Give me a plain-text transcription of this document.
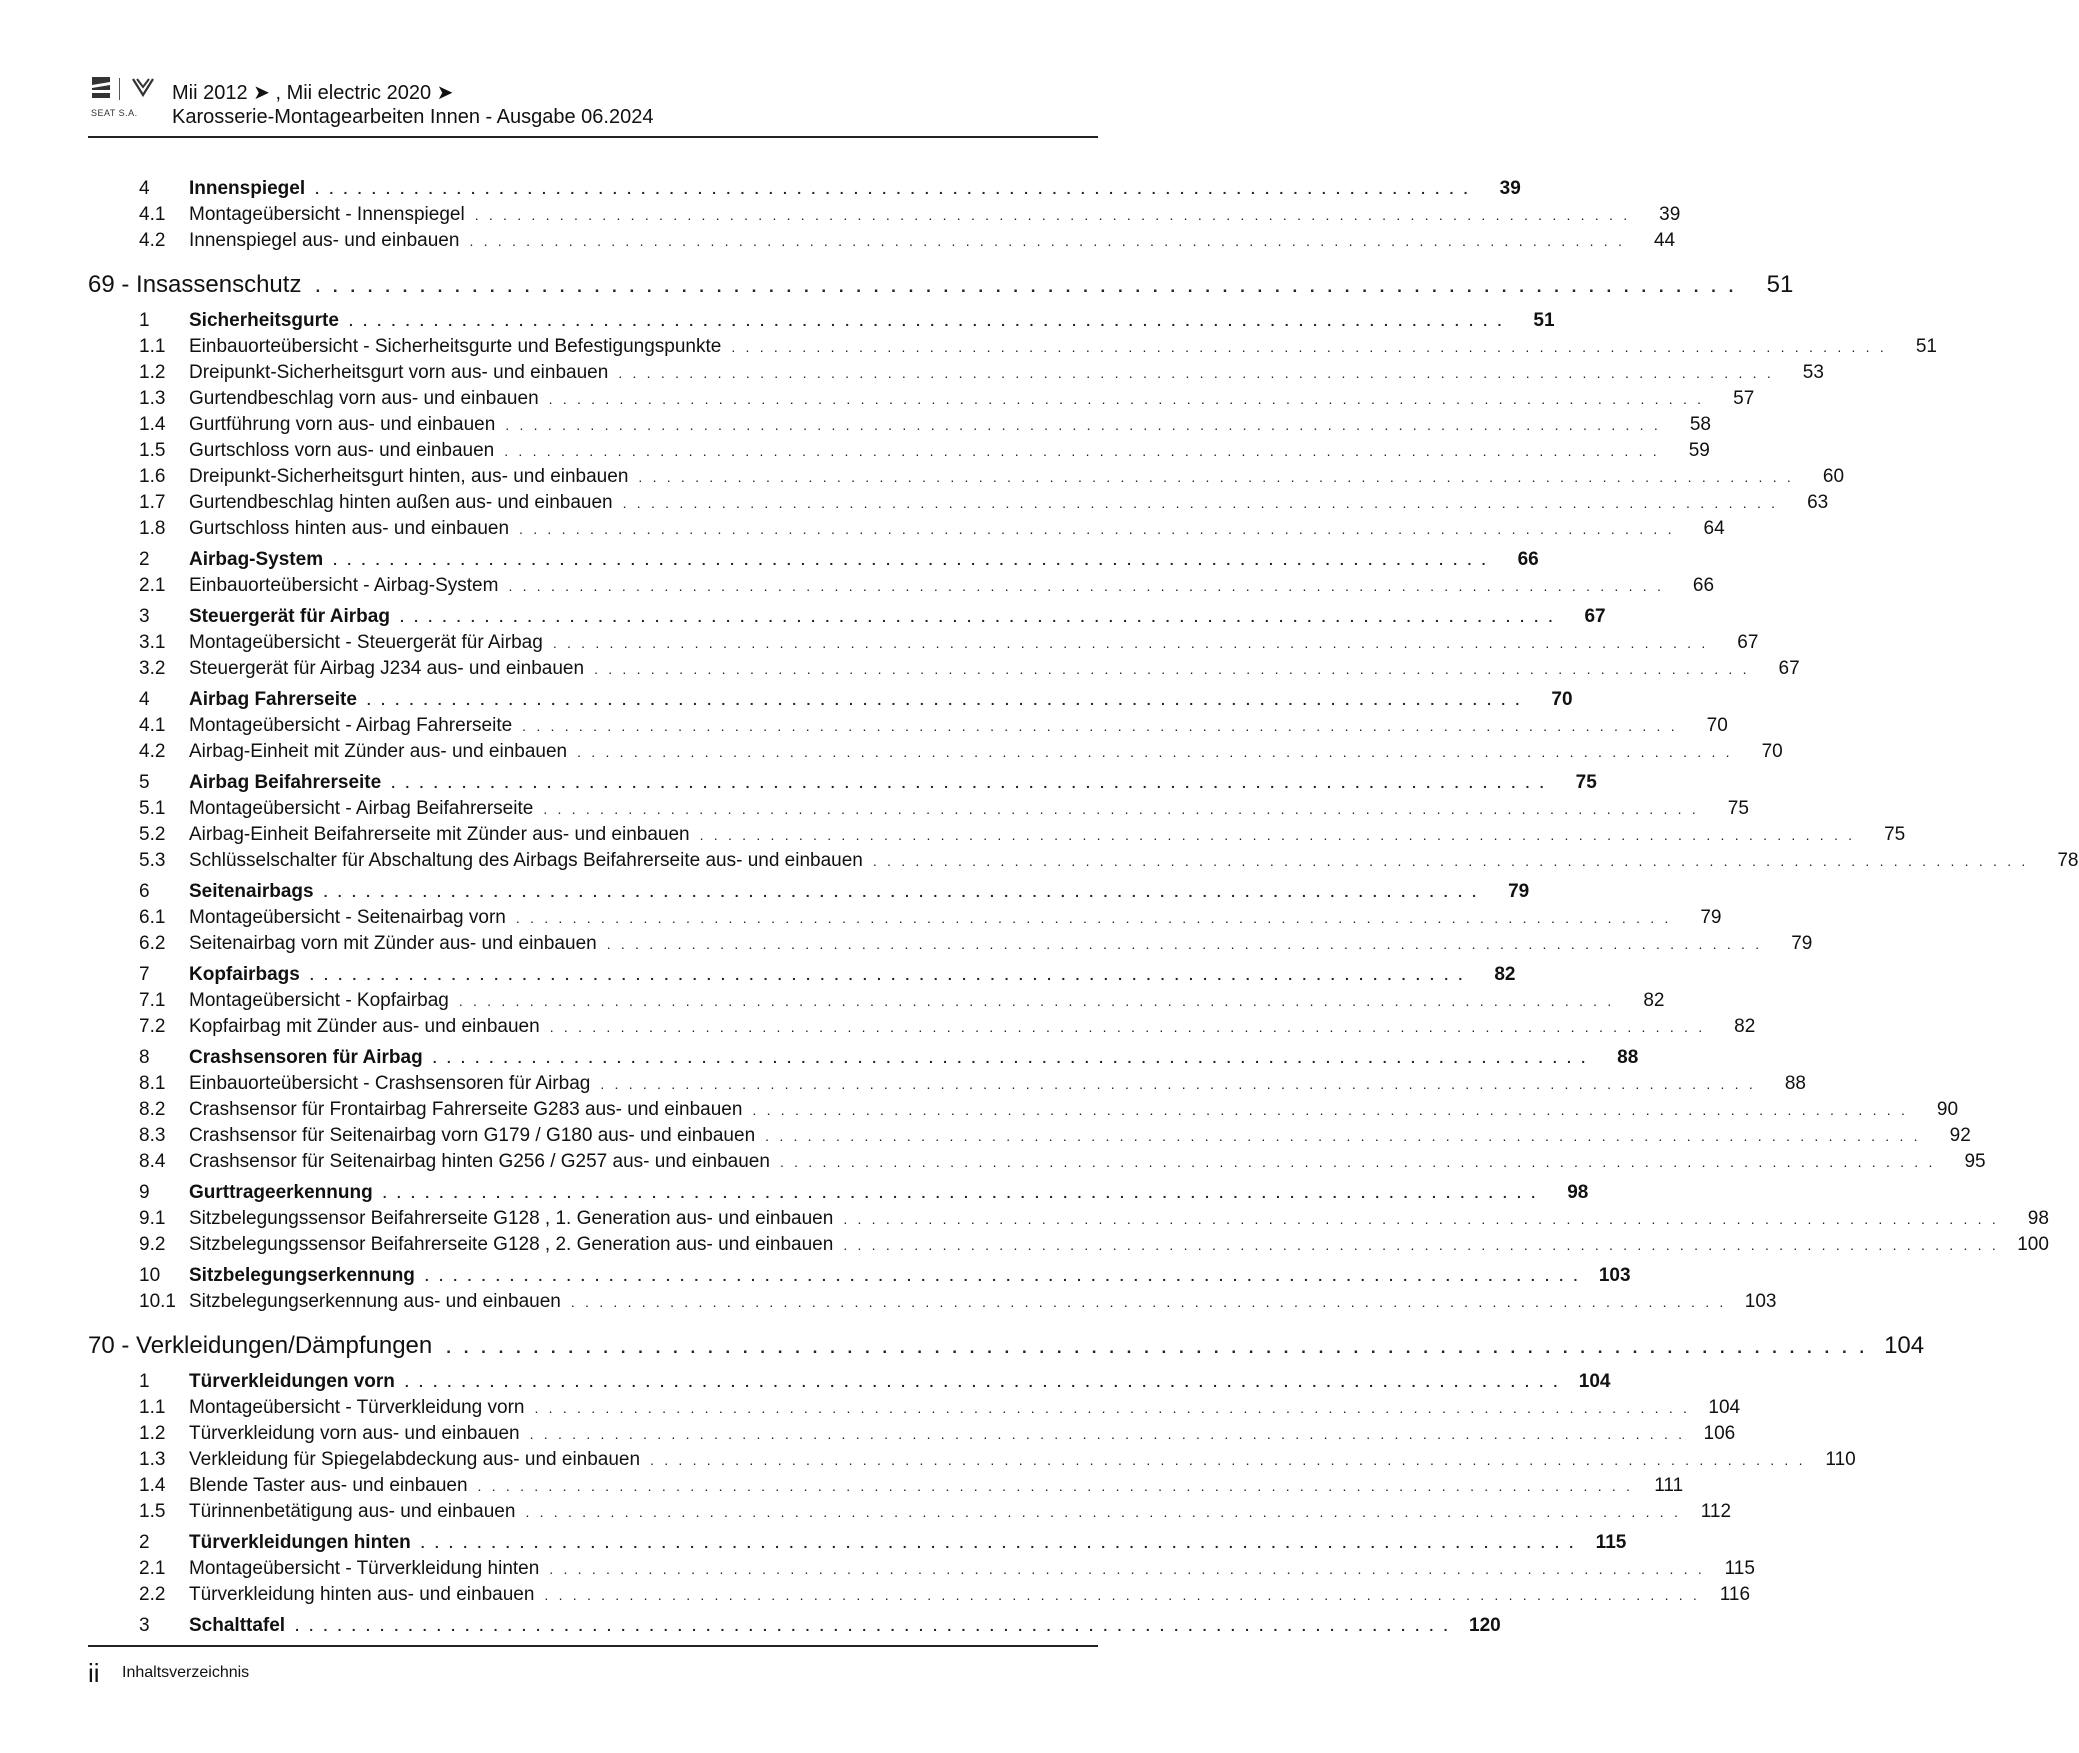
SEAT S.A.
Mii 2012 ➤ , Mii electric 2020 ➤
Karosserie-Montagearbeiten Innen - Ausgabe 06.2024
4	Innenspiegel . . . . . . . . . . . . . . . . . . . . . . . . . . . . . . . . . . . . . . . . . . . . . . . . . . . . . . . . . . . . . . . . . . . . . . . . . . . . . . . . . .	39
4.1	Montageübersicht - Innenspiegel . . . . . . . . . . . . . . . . . . . . . . . . . . . . . . . . . . . . . . . . . . . . . . . . . . . . . . . . . . . . . . . . . . . . . . . . . . . . . . . . . .	39
4.2	Innenspiegel aus- und einbauen . . . . . . . . . . . . . . . . . . . . . . . . . . . . . . . . . . . . . . . . . . . . . . . . . . . . . . . . . . . . . . . . . . . . . . . . . . . . . . . . . .	44
69 - Insassenschutz . . . . . . . . . . . . . . . . . . . . . . . . . . . . . . . . . . . . . . . . . . . . . . . . . . . . . . . . . . . . . . . . . . . . . . . . . . . . . . . . . .	51
1	Sicherheitsgurte . . . . . . . . . . . . . . . . . . . . . . . . . . . . . . . . . . . . . . . . . . . . . . . . . . . . . . . . . . . . . . . . . . . . . . . . . . . . . . . . . .	51
1.1	Einbauorteübersicht - Sicherheitsgurte und Befestigungspunkte . . . . . . . . . . . . . . . . . . . . . . . . . . . . . . . . . . . . . . . . . . . . . . . . . . . . . . . . . . . . . . . . . . . . . . . . . . . . . . . . . .	51
1.2	Dreipunkt-Sicherheitsgurt vorn aus- und einbauen . . . . . . . . . . . . . . . . . . . . . . . . . . . . . . . . . . . . . . . . . . . . . . . . . . . . . . . . . . . . . . . . . . . . . . . . . . . . . . . . . .	53
1.3	Gurtendbeschlag vorn aus- und einbauen . . . . . . . . . . . . . . . . . . . . . . . . . . . . . . . . . . . . . . . . . . . . . . . . . . . . . . . . . . . . . . . . . . . . . . . . . . . . . . . . . .	57
1.4	Gurtführung vorn aus- und einbauen . . . . . . . . . . . . . . . . . . . . . . . . . . . . . . . . . . . . . . . . . . . . . . . . . . . . . . . . . . . . . . . . . . . . . . . . . . . . . . . . . .	58
1.5	Gurtschloss vorn aus- und einbauen . . . . . . . . . . . . . . . . . . . . . . . . . . . . . . . . . . . . . . . . . . . . . . . . . . . . . . . . . . . . . . . . . . . . . . . . . . . . . . . . . .	59
1.6	Dreipunkt-Sicherheitsgurt hinten, aus- und einbauen . . . . . . . . . . . . . . . . . . . . . . . . . . . . . . . . . . . . . . . . . . . . . . . . . . . . . . . . . . . . . . . . . . . . . . . . . . . . . . . . . .	60
1.7	Gurtendbeschlag hinten außen aus- und einbauen . . . . . . . . . . . . . . . . . . . . . . . . . . . . . . . . . . . . . . . . . . . . . . . . . . . . . . . . . . . . . . . . . . . . . . . . . . . . . . . . . .	63
1.8	Gurtschloss hinten aus- und einbauen . . . . . . . . . . . . . . . . . . . . . . . . . . . . . . . . . . . . . . . . . . . . . . . . . . . . . . . . . . . . . . . . . . . . . . . . . . . . . . . . . .	64
2	Airbag-System . . . . . . . . . . . . . . . . . . . . . . . . . . . . . . . . . . . . . . . . . . . . . . . . . . . . . . . . . . . . . . . . . . . . . . . . . . . . . . . . . .	66
2.1	Einbauorteübersicht - Airbag-System . . . . . . . . . . . . . . . . . . . . . . . . . . . . . . . . . . . . . . . . . . . . . . . . . . . . . . . . . . . . . . . . . . . . . . . . . . . . . . . . . .	66
3	Steuergerät für Airbag . . . . . . . . . . . . . . . . . . . . . . . . . . . . . . . . . . . . . . . . . . . . . . . . . . . . . . . . . . . . . . . . . . . . . . . . . . . . . . . . . .	67
3.1	Montageübersicht - Steuergerät für Airbag . . . . . . . . . . . . . . . . . . . . . . . . . . . . . . . . . . . . . . . . . . . . . . . . . . . . . . . . . . . . . . . . . . . . . . . . . . . . . . . . . .	67
3.2	Steuergerät für Airbag J234 aus- und einbauen . . . . . . . . . . . . . . . . . . . . . . . . . . . . . . . . . . . . . . . . . . . . . . . . . . . . . . . . . . . . . . . . . . . . . . . . . . . . . . . . . .	67
4	Airbag Fahrerseite . . . . . . . . . . . . . . . . . . . . . . . . . . . . . . . . . . . . . . . . . . . . . . . . . . . . . . . . . . . . . . . . . . . . . . . . . . . . . . . . . .	70
4.1	Montageübersicht - Airbag Fahrerseite . . . . . . . . . . . . . . . . . . . . . . . . . . . . . . . . . . . . . . . . . . . . . . . . . . . . . . . . . . . . . . . . . . . . . . . . . . . . . . . . . .	70
4.2	Airbag-Einheit mit Zünder aus- und einbauen . . . . . . . . . . . . . . . . . . . . . . . . . . . . . . . . . . . . . . . . . . . . . . . . . . . . . . . . . . . . . . . . . . . . . . . . . . . . . . . . . .	70
5	Airbag Beifahrerseite . . . . . . . . . . . . . . . . . . . . . . . . . . . . . . . . . . . . . . . . . . . . . . . . . . . . . . . . . . . . . . . . . . . . . . . . . . . . . . . . . .	75
5.1	Montageübersicht - Airbag Beifahrerseite . . . . . . . . . . . . . . . . . . . . . . . . . . . . . . . . . . . . . . . . . . . . . . . . . . . . . . . . . . . . . . . . . . . . . . . . . . . . . . . . . .	75
5.2	Airbag-Einheit Beifahrerseite mit Zünder aus- und einbauen . . . . . . . . . . . . . . . . . . . . . . . . . . . . . . . . . . . . . . . . . . . . . . . . . . . . . . . . . . . . . . . . . . . . . . . . . . . . . . . . . .	75
5.3	Schlüsselschalter für Abschaltung des Airbags Beifahrerseite aus- und einbauen . . . . . . . . . . . . . . . . . . . . . . . . . . . . . . . . . . . . . . . . . . . . . . . . . . . . . . . . . . . . . . . . . . . . . . . . . . . . . . . . . .	78
6	Seitenairbags . . . . . . . . . . . . . . . . . . . . . . . . . . . . . . . . . . . . . . . . . . . . . . . . . . . . . . . . . . . . . . . . . . . . . . . . . . . . . . . . . .	79
6.1	Montageübersicht - Seitenairbag vorn . . . . . . . . . . . . . . . . . . . . . . . . . . . . . . . . . . . . . . . . . . . . . . . . . . . . . . . . . . . . . . . . . . . . . . . . . . . . . . . . . .	79
6.2	Seitenairbag vorn mit Zünder aus- und einbauen . . . . . . . . . . . . . . . . . . . . . . . . . . . . . . . . . . . . . . . . . . . . . . . . . . . . . . . . . . . . . . . . . . . . . . . . . . . . . . . . . .	79
7	Kopfairbags . . . . . . . . . . . . . . . . . . . . . . . . . . . . . . . . . . . . . . . . . . . . . . . . . . . . . . . . . . . . . . . . . . . . . . . . . . . . . . . . . .	82
7.1	Montageübersicht - Kopfairbag . . . . . . . . . . . . . . . . . . . . . . . . . . . . . . . . . . . . . . . . . . . . . . . . . . . . . . . . . . . . . . . . . . . . . . . . . . . . . . . . . .	82
7.2	Kopfairbag mit Zünder aus- und einbauen . . . . . . . . . . . . . . . . . . . . . . . . . . . . . . . . . . . . . . . . . . . . . . . . . . . . . . . . . . . . . . . . . . . . . . . . . . . . . . . . . .	82
8	Crashsensoren für Airbag . . . . . . . . . . . . . . . . . . . . . . . . . . . . . . . . . . . . . . . . . . . . . . . . . . . . . . . . . . . . . . . . . . . . . . . . . . . . . . . . . .	88
8.1	Einbauorteübersicht - Crashsensoren für Airbag . . . . . . . . . . . . . . . . . . . . . . . . . . . . . . . . . . . . . . . . . . . . . . . . . . . . . . . . . . . . . . . . . . . . . . . . . . . . . . . . . .	88
8.2	Crashsensor für Frontairbag Fahrerseite G283 aus- und einbauen . . . . . . . . . . . . . . . . . . . . . . . . . . . . . . . . . . . . . . . . . . . . . . . . . . . . . . . . . . . . . . . . . . . . . . . . . . . . . . . . . .	90
8.3	Crashsensor für Seitenairbag vorn G179 / G180 aus- und einbauen . . . . . . . . . . . . . . . . . . . . . . . . . . . . . . . . . . . . . . . . . . . . . . . . . . . . . . . . . . . . . . . . . . . . . . . . . . . . . . . . . .	92
8.4	Crashsensor für Seitenairbag hinten G256 / G257 aus- und einbauen . . . . . . . . . . . . . . . . . . . . . . . . . . . . . . . . . . . . . . . . . . . . . . . . . . . . . . . . . . . . . . . . . . . . . . . . . . . . . . . . . .	95
9	Gurttrageerkennung . . . . . . . . . . . . . . . . . . . . . . . . . . . . . . . . . . . . . . . . . . . . . . . . . . . . . . . . . . . . . . . . . . . . . . . . . . . . . . . . . .	98
9.1	Sitzbelegungssensor Beifahrerseite G128 , 1. Generation aus- und einbauen . . . . . . . . . . . . . . . . . . . . . . . . . . . . . . . . . . . . . . . . . . . . . . . . . . . . . . . . . . . . . . . . . . . . . . . . . . . . . . . . . .	98
9.2	Sitzbelegungssensor Beifahrerseite G128 , 2. Generation aus- und einbauen . . . . . . . . . . . . . . . . . . . . . . . . . . . . . . . . . . . . . . . . . . . . . . . . . . . . . . . . . . . . . . . . . . . . . . . . . . . . . . . . . . 100
10	Sitzbelegungserkennung . . . . . . . . . . . . . . . . . . . . . . . . . . . . . . . . . . . . . . . . . . . . . . . . . . . . . . . . . . . . . . . . . . . . . . . . . . . . . . . . . . 103
10.1 Sitzbelegungserkennung aus- und einbauen . . . . . . . . . . . . . . . . . . . . . . . . . . . . . . . . . . . . . . . . . . . . . . . . . . . . . . . . . . . . . . . . . . . . . . . . . . . . . . . . . . 103
70 - Verkleidungen/Dämpfungen . . . . . . . . . . . . . . . . . . . . . . . . . . . . . . . . . . . . . . . . . . . . . . . . . . . . . . . . . . . . . . . . . . . . . . . . . . . . . . . . . . 104
1	Türverkleidungen vorn . . . . . . . . . . . . . . . . . . . . . . . . . . . . . . . . . . . . . . . . . . . . . . . . . . . . . . . . . . . . . . . . . . . . . . . . . . . . . . . . . . 104
1.1	Montageübersicht - Türverkleidung vorn . . . . . . . . . . . . . . . . . . . . . . . . . . . . . . . . . . . . . . . . . . . . . . . . . . . . . . . . . . . . . . . . . . . . . . . . . . . . . . . . . . 104
1.2	Türverkleidung vorn aus- und einbauen . . . . . . . . . . . . . . . . . . . . . . . . . . . . . . . . . . . . . . . . . . . . . . . . . . . . . . . . . . . . . . . . . . . . . . . . . . . . . . . . . . 106
1.3	Verkleidung für Spiegelabdeckung aus- und einbauen . . . . . . . . . . . . . . . . . . . . . . . . . . . . . . . . . . . . . . . . . . . . . . . . . . . . . . . . . . . . . . . . . . . . . . . . . . . . . . . . . .	110
1.4	Blende Taster aus- und einbauen . . . . . . . . . . . . . . . . . . . . . . . . . . . . . . . . . . . . . . . . . . . . . . . . . . . . . . . . . . . . . . . . . . . . . . . . . . . . . . . . . .	111
1.5	Türinnenbetätigung aus- und einbauen . . . . . . . . . . . . . . . . . . . . . . . . . . . . . . . . . . . . . . . . . . . . . . . . . . . . . . . . . . . . . . . . . . . . . . . . . . . . . . . . . .	112
2	Türverkleidungen hinten . . . . . . . . . . . . . . . . . . . . . . . . . . . . . . . . . . . . . . . . . . . . . . . . . . . . . . . . . . . . . . . . . . . . . . . . . . . . . . . . . .	115
2.1	Montageübersicht - Türverkleidung hinten . . . . . . . . . . . . . . . . . . . . . . . . . . . . . . . . . . . . . . . . . . . . . . . . . . . . . . . . . . . . . . . . . . . . . . . . . . . . . . . . . .	115
2.2	Türverkleidung hinten aus- und einbauen . . . . . . . . . . . . . . . . . . . . . . . . . . . . . . . . . . . . . . . . . . . . . . . . . . . . . . . . . . . . . . . . . . . . . . . . . . . . . . . . . .	116
3	Schalttafel . . . . . . . . . . . . . . . . . . . . . . . . . . . . . . . . . . . . . . . . . . . . . . . . . . . . . . . . . . . . . . . . . . . . . . . . . . . . . . . . . . 120
ii Inhaltsverzeichnis
